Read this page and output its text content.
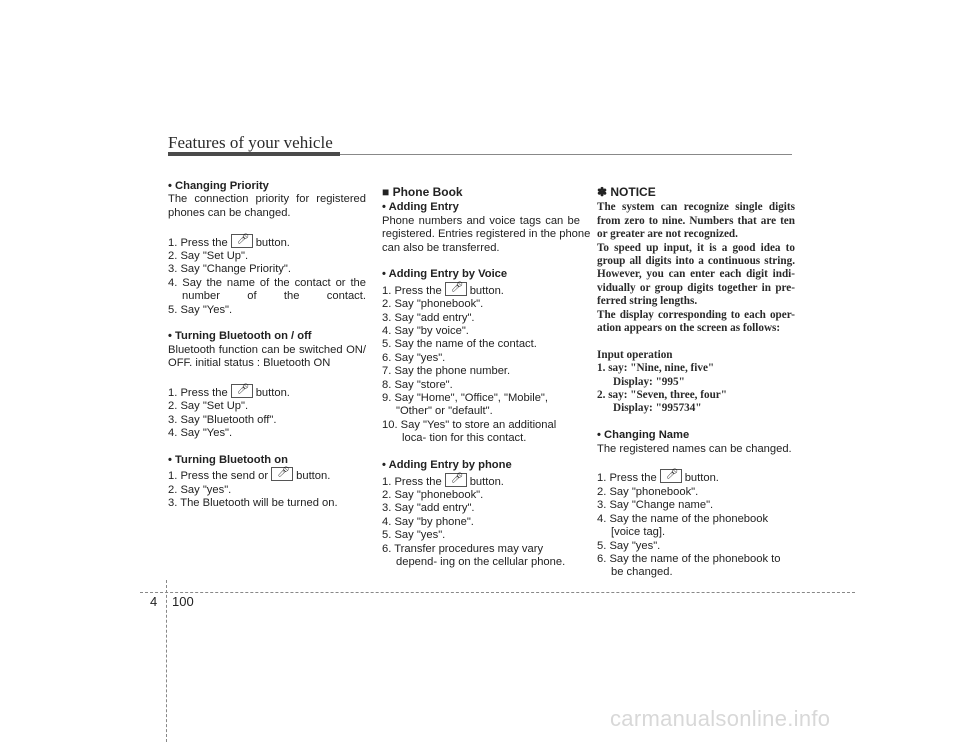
Features of your vehicle
• Changing Priority
The connection priority for registered
phones can be changed.
1. Press the 🎤︎ button.
2. Say "Set Up".
3. Say "Change Priority".
4. Say the name of the contact or the number of the contact.
5. Say "Yes".
• Turning Bluetooth on / off
Bluetooth function can be switched ON/
OFF. initial status : Bluetooth ON
1. Press the 🎤︎ button.
2. Say "Set Up".
3. Say "Bluetooth off".
4. Say "Yes".
• Turning Bluetooth on
1. Press the send or 🎤︎ button.
2. Say "yes".
3. The Bluetooth will be turned on.
■ Phone Book
• Adding Entry
Phone numbers and voice tags can be
registered. Entries registered in the phone
can also be transferred.
• Adding Entry by Voice
1. Press the 🎤︎ button.
2. Say "phonebook".
3. Say "add entry".
4. Say "by voice".
5. Say the name of the contact.
6. Say "yes".
7. Say the phone number.
8. Say "store".
9. Say "Home", "Office", "Mobile", "Other" or "default".
10. Say "Yes" to store an additional loca- tion for this contact.
• Adding Entry by phone
1. Press the 🎤︎ button.
2. Say "phonebook".
3. Say "add entry".
4. Say "by phone".
5. Say "yes".
6. Transfer procedures may vary depend- ing on the cellular phone.
✽ NOTICE
The system can recognize single digits
from zero to nine. Numbers that are ten
or greater are not recognized.
To speed up input, it is a good idea to
group all digits into a continuous string.
However, you can enter each digit indi-
vidually or group digits together in pre-
ferred string lengths.
The display corresponding to each oper-
ation appears on the screen as follows:
Input operation
1. say: "Nine, nine, five"
Display: "995"
2. say: "Seven, three, four"
Display: "995734"
• Changing Name
The registered names can be changed.
1. Press the 🎤︎ button.
2. Say "phonebook".
3. Say "Change name".
4. Say the name of the phonebook [voice tag].
5. Say "yes".
6. Say the name of the phonebook to be changed.
4 100
carmanualsonline.info
